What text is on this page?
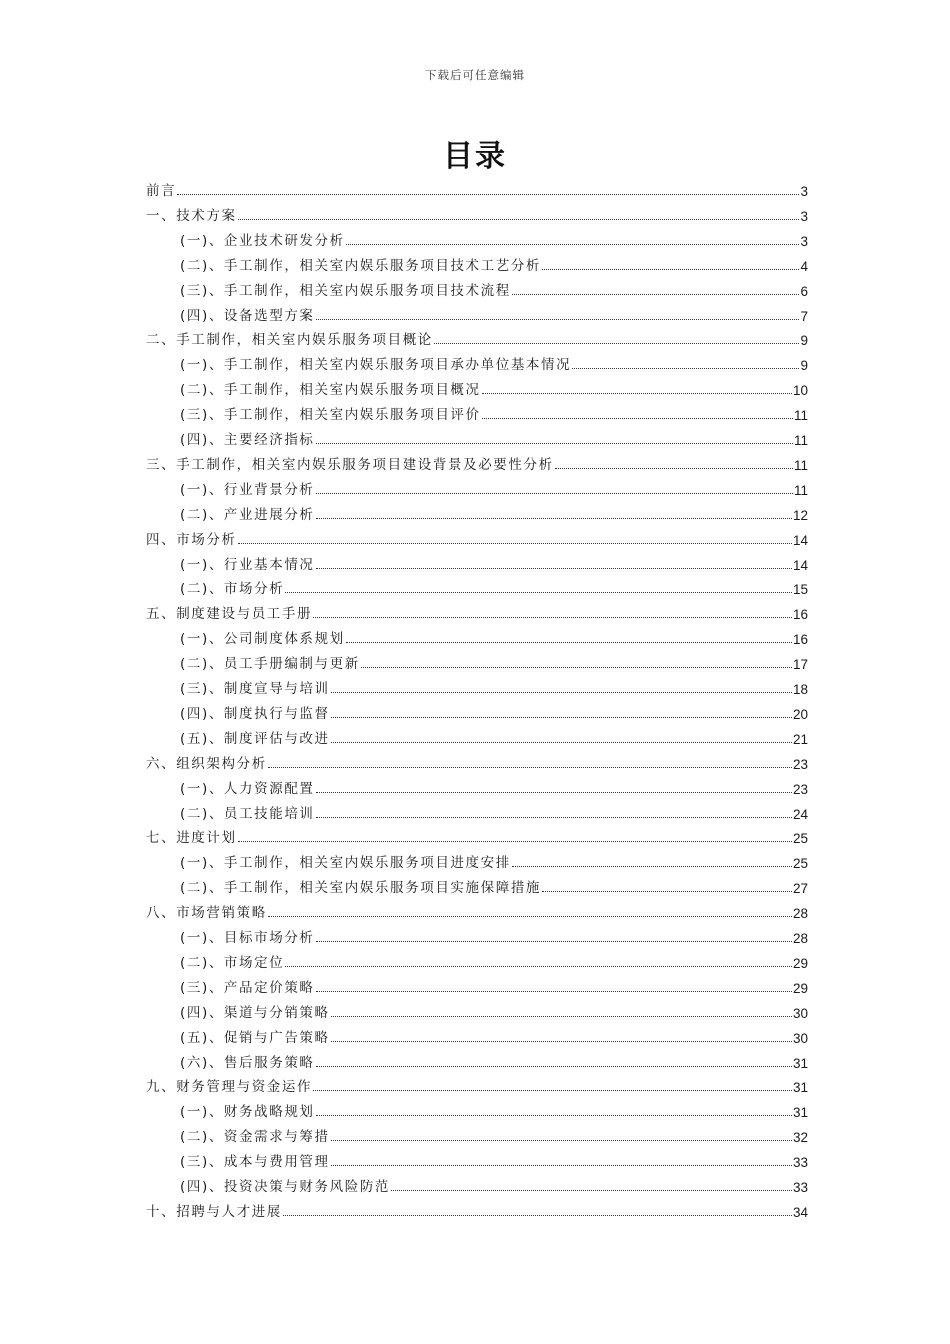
下载后可任意编辑
目录
前言	3
一、技术方案	3
(一)、企业技术研发分析	3
(二)、手工制作，相关室内娱乐服务项目技术工艺分析	4
(三)、手工制作，相关室内娱乐服务项目技术流程	6
(四)、设备选型方案	7
二、手工制作，相关室内娱乐服务项目概论	9
(一)、手工制作，相关室内娱乐服务项目承办单位基本情况	9
(二)、手工制作，相关室内娱乐服务项目概况	10
(三)、手工制作，相关室内娱乐服务项目评价	11
(四)、主要经济指标	11
三、手工制作，相关室内娱乐服务项目建设背景及必要性分析	11
(一)、行业背景分析	11
(二)、产业进展分析	12
四、市场分析	14
(一)、行业基本情况	14
(二)、市场分析	15
五、制度建设与员工手册	16
(一)、公司制度体系规划	16
(二)、员工手册编制与更新	17
(三)、制度宣导与培训	18
(四)、制度执行与监督	20
(五)、制度评估与改进	21
六、组织架构分析	23
(一)、人力资源配置	23
(二)、员工技能培训	24
七、进度计划	25
(一)、手工制作，相关室内娱乐服务项目进度安排	25
(二)、手工制作，相关室内娱乐服务项目实施保障措施	27
八、市场营销策略	28
(一)、目标市场分析	28
(二)、市场定位	29
(三)、产品定价策略	29
(四)、渠道与分销策略	30
(五)、促销与广告策略	30
(六)、售后服务策略	31
九、财务管理与资金运作	31
(一)、财务战略规划	31
(二)、资金需求与筹措	32
(三)、成本与费用管理	33
(四)、投资决策与财务风险防范	33
十、招聘与人才进展	34
